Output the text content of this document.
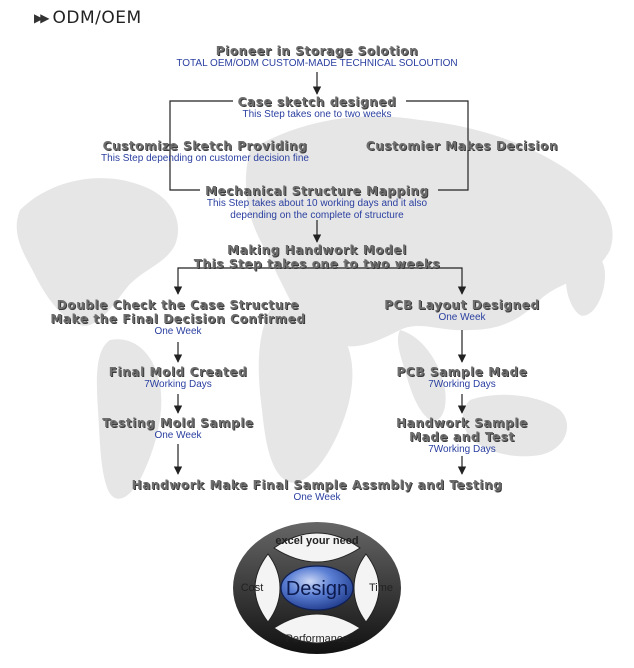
▶▶ ODM/OEM
Pioneer in Storage Solotion
TOTAL OEM/ODM CUSTOM-MADE TECHNICAL SOLOUTION
Case sketch designed
This Step takes one to two weeks
Customize Sketch Providing
This Step depending on customer decision fine
Customier Makes Decision
Mechanical Structure Mapping
This Step takes about 10 working days and it also
depending on the complete of structure
Making Handwork Model
This Step takes one to two weeks
Double Check the Case Structure
Make the Final Decision Confirmed
One Week
PCB Layout Designed
One Week
Final Mold Created
7Working Days
PCB Sample Made
7Working Days
Testing Mold Sample
One Week
Handwork Sample
Made and Test
7Working Days
Handwork Make Final Sample Assmbly and Testing
One Week
excel your need
Design
Cost	Time
Performance
